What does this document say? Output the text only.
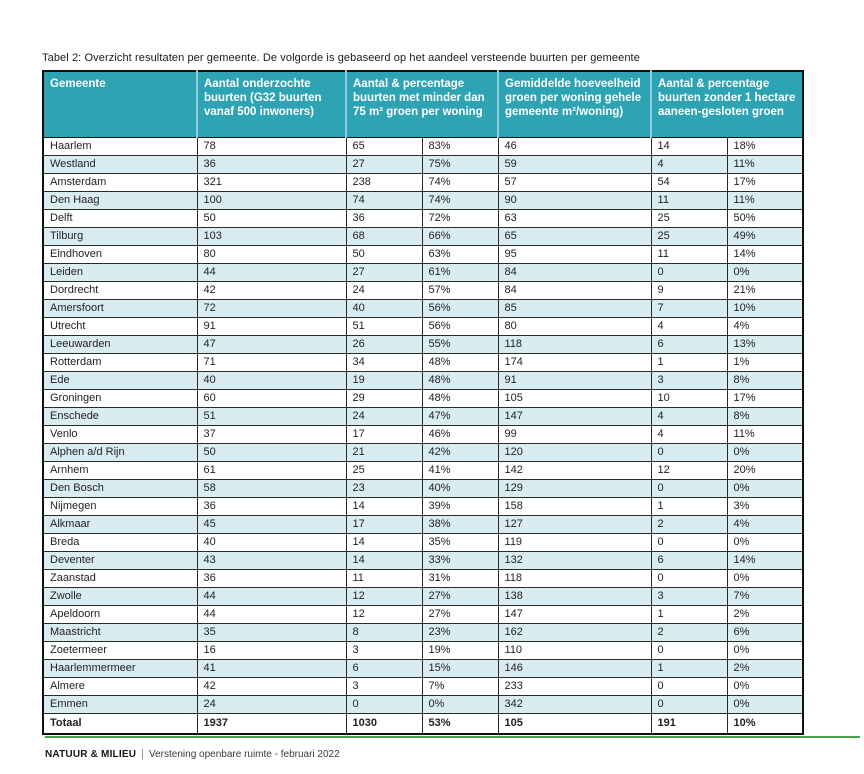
Tabel 2: Overzicht resultaten per gemeente. De volgorde is gebaseerd op het aandeel versteende buurten per gemeente
Gemeente	Aantal onderzochte buurten (G32 buurten vanaf 500 inwoners)	Aantal & percentage buurten met minder dan 75 m² groen per woning		Gemiddelde hoeveelheid groen per woning gehele gemeente m²/woning)	Aantal & percentage buurten zonder 1 hectare aaneen-gesloten groen	
Haarlem	78	65	83%	46	14	18%
Westland	36	27	75%	59	4	11%
Amsterdam	321	238	74%	57	54	17%
Den Haag	100	74	74%	90	11	11%
Delft	50	36	72%	63	25	50%
Tilburg	103	68	66%	65	25	49%
Eindhoven	80	50	63%	95	11	14%
Leiden	44	27	61%	84	0	0%
Dordrecht	42	24	57%	84	9	21%
Amersfoort	72	40	56%	85	7	10%
Utrecht	91	51	56%	80	4	4%
Leeuwarden	47	26	55%	118	6	13%
Rotterdam	71	34	48%	174	1	1%
Ede	40	19	48%	91	3	8%
Groningen	60	29	48%	105	10	17%
Enschede	51	24	47%	147	4	8%
Venlo	37	17	46%	99	4	11%
Alphen a/d Rijn	50	21	42%	120	0	0%
Arnhem	61	25	41%	142	12	20%
Den Bosch	58	23	40%	129	0	0%
Nijmegen	36	14	39%	158	1	3%
Alkmaar	45	17	38%	127	2	4%
Breda	40	14	35%	119	0	0%
Deventer	43	14	33%	132	6	14%
Zaanstad	36	11	31%	118	0	0%
Zwolle	44	12	27%	138	3	7%
Apeldoorn	44	12	27%	147	1	2%
Maastricht	35	8	23%	162	2	6%
Zoetermeer	16	3	19%	110	0	0%
Haarlemmermeer	41	6	15%	146	1	2%
Almere	42	3	7%	233	0	0%
Emmen	24	0	0%	342	0	0%
Totaal	1937	1030	53%	105	191	10%
NATUUR & MILIEU | Verstening openbare ruimte - februari 2022
